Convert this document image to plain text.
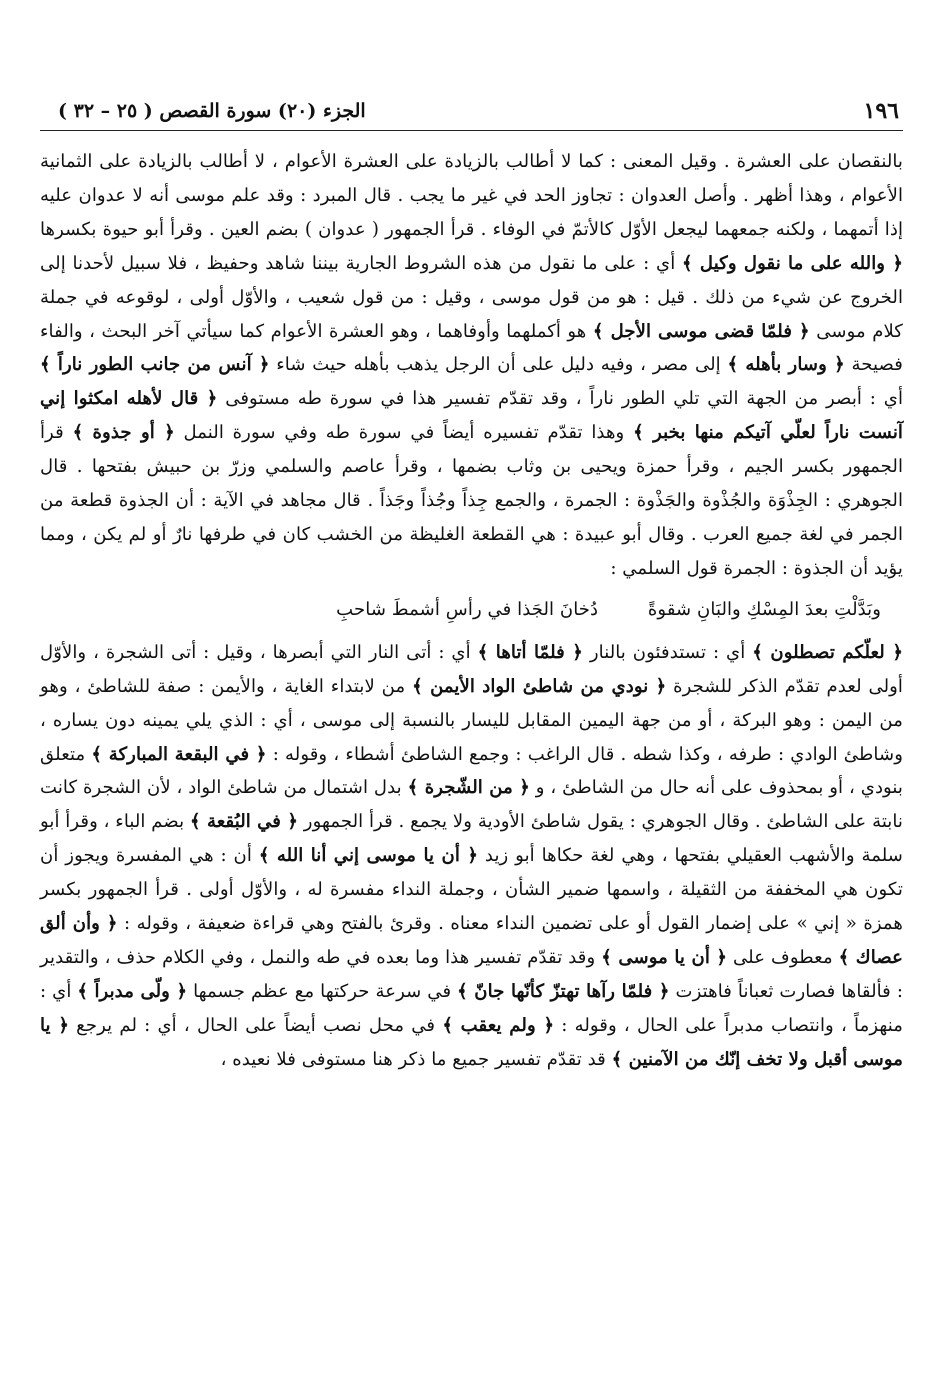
١٩٦
الجزء (٢٠) سورة القصص ( ٢٥ – ٣٢ )

بالنقصان على العشرة . وقيل المعنى : كما لا أطالب بالزيادة على العشرة الأعوام ، لا أطالب بالزيادة على الثمانية الأعوام ، وهذا أظهر . وأصل العدوان : تجاوز الحد في غير ما يجب . قال المبرد : وقد علم موسى أنه لا عدوان عليه إذا أتمهما ، ولكنه جمعهما ليجعل الأوّل كالأتمّ في الوفاء . قرأ الجمهور ( عدوان ) بضم العين . وقرأ أبو حيوة بكسرها ﴿ والله على ما نقول وكيل ﴾ أي : على ما نقول من هذه الشروط الجارية بيننا شاهد وحفيظ ، فلا سبيل لأحدنا إلى الخروج عن شيء من ذلك . قيل : هو من قول موسى ، وقيل : من قول شعيب ، والأوّل أولى ، لوقوعه في جملة كلام موسى ﴿ فلمّا قضى موسى الأجل ﴾ هو أكملهما وأوفاهما ، وهو العشرة الأعوام كما سيأتي آخر البحث ، والفاء فصيحة ﴿ وسار بأهله ﴾ إلى مصر ، وفيه دليل على أن الرجل يذهب بأهله حيث شاء ﴿ آنس من جانب الطور ناراً ﴾ أي : أبصر من الجهة التي تلي الطور ناراً ، وقد تقدّم تفسير هذا في سورة طه مستوفى ﴿ قال لأهله امكثوا إني آنست ناراً لعلّي آتيكم منها بخبر ﴾ وهذا تقدّم تفسيره أيضاً في سورة طه وفي سورة النمل ﴿ أو جذوة ﴾ قرأ الجمهور بكسر الجيم ، وقرأ حمزة ويحيى بن وثاب بضمها ، وقرأ عاصم والسلمي وزرّ بن حبيش بفتحها . قال الجوهري : الجِذْوَة والجُذْوة والجَذْوة : الجمرة ، والجمع جِذاً وجُذاً وجَذاً . قال مجاهد في الآية : أن الجذوة قطعة من الجمر في لغة جميع العرب . وقال أبو عبيدة : هي القطعة الغليظة من الخشب كان في طرفها نارٌ أو لم يكن ، ومما يؤيد أن الجذوة : الجمرة قول السلمي :

وبَدَّلْتِ بعدَ المِسْكِ والبَانِ شقوةً دُخانَ الجَذا في رأسِ أشمطَ شاحبِ

﴿ لعلّكم تصطلون ﴾ أي : تستدفئون بالنار ﴿ فلمّا أتاها ﴾ أي : أتى النار التي أبصرها ، وقيل : أتى الشجرة ، والأوّل أولى لعدم تقدّم الذكر للشجرة ﴿ نودي من شاطئ الواد الأيمن ﴾ من لابتداء الغاية ، والأيمن : صفة للشاطئ ، وهو من اليمن : وهو البركة ، أو من جهة اليمين المقابل لليسار بالنسبة إلى موسى ، أي : الذي يلي يمينه دون يساره ، وشاطئ الوادي : طرفه ، وكذا شطه . قال الراغب : وجمع الشاطئ أشطاء ، وقوله : ﴿ في البقعة المباركة ﴾ متعلق بنودي ، أو بمحذوف على أنه حال من الشاطئ ، و ﴿ من الشّجرة ﴾ بدل اشتمال من شاطئ الواد ، لأن الشجرة كانت نابتة على الشاطئ . وقال الجوهري : يقول شاطئ الأودية ولا يجمع . قرأ الجمهور ﴿ في البُقعة ﴾ بضم الباء ، وقرأ أبو سلمة والأشهب العقيلي بفتحها ، وهي لغة حكاها أبو زيد ﴿ أن يا موسى إني أنا الله ﴾ أن : هي المفسرة ويجوز أن تكون هي المخففة من الثقيلة ، واسمها ضمير الشأن ، وجملة النداء مفسرة له ، والأوّل أولى . قرأ الجمهور بكسر همزة « إني » على إضمار القول أو على تضمين النداء معناه . وقرئ بالفتح وهي قراءة ضعيفة ، وقوله : ﴿ وأن ألق عصاك ﴾ معطوف على ﴿ أن يا موسى ﴾ وقد تقدّم تفسير هذا وما بعده في طه والنمل ، وفي الكلام حذف ، والتقدير : فألقاها فصارت ثعباناً فاهتزت ﴿ فلمّا رآها تهتزّ كأنّها جانّ ﴾ في سرعة حركتها مع عظم جسمها ﴿ ولّى مدبراً ﴾ أي : منهزماً ، وانتصاب مدبراً على الحال ، وقوله : ﴿ ولم يعقب ﴾ في محل نصب أيضاً على الحال ، أي : لم يرجع ﴿ يا موسى أقبل ولا تخف إنّك من الآمنين ﴾ قد تقدّم تفسير جميع ما ذكر هنا مستوفى فلا نعيده ،
